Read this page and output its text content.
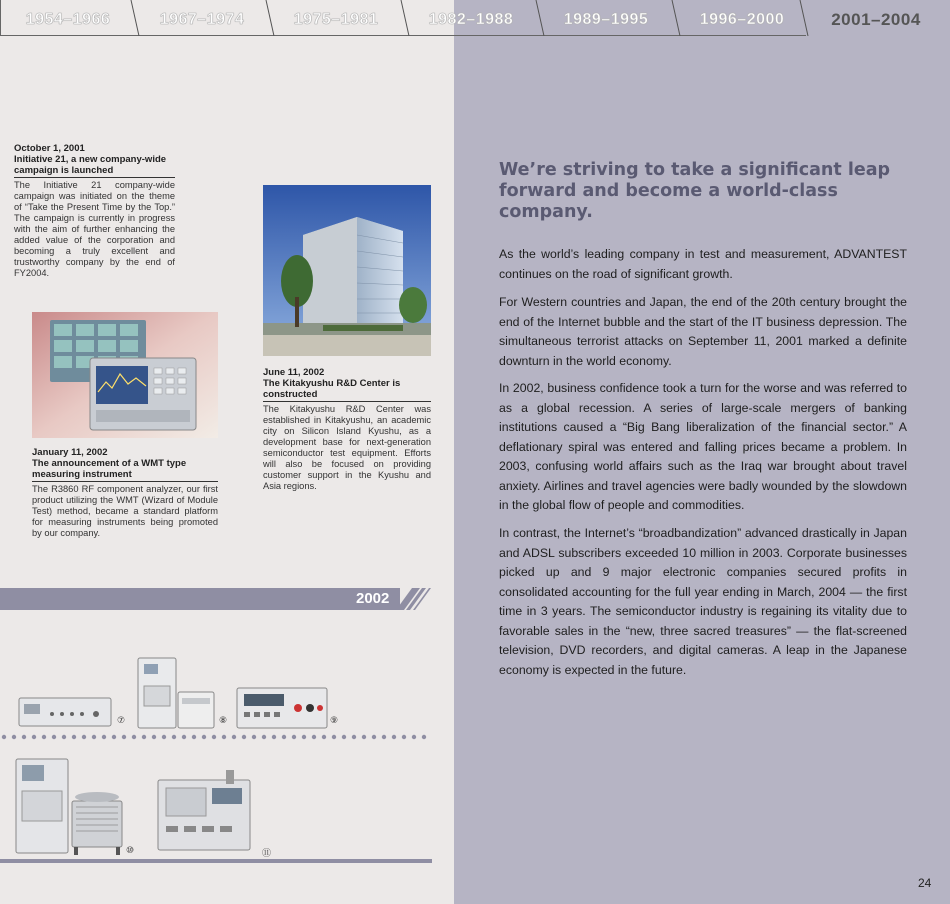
1954–1966	1967–1974	1975–1981	1982–1988	1989–1995	1996–2000	2001–2004
October 1, 2001
Initiative 21, a new company-wide campaign is launched
The Initiative 21 company-wide campaign was initiated on the theme of “Take the Present Time by the Top.” The campaign is currently in progress with the aim of further enhancing the added value of the corporation and becoming a truly excellent and trustworthy company by the end of FY2004.
January 11, 2002
The announcement of a WMT type measuring instrument
The R3860 RF component analyzer, our first product utilizing the WMT (Wizard of Module Test) method, became a standard platform for measuring instruments being promoted by our company.
June 11, 2002
The Kitakyushu R&D Center is constructed
The Kitakyushu R&D Center was established in Kitakyushu, an academic city on Silicon Island Kyushu, as a development base for next-generation semiconductor test equipment. Efforts will also be focused on providing customer support in the Kyushu and Asia regions.
2002
⑦	⑧	⑨
⑩	⑪
We’re striving to take a significant leap forward and become a world-class company.
As the world’s leading company in test and measurement, ADVANTEST continues on the road of significant growth.
For Western countries and Japan, the end of the 20th century brought the end of the Internet bubble and the start of the IT business depression. The simultaneous terrorist attacks on September 11, 2001 marked a definite downturn in the world economy.
In 2002, business confidence took a turn for the worse and was referred to as a global recession. A series of large-scale mergers of banking institutions caused a “Big Bang liberalization of the financial sector.” A deflationary spiral was entered and falling prices became a problem. In 2003, confusing world affairs such as the Iraq war brought about travel anxiety. Airlines and travel agencies were badly wounded by the slowdown in the global flow of people and commodities.
In contrast, the Internet’s “broadbandization” advanced drastically in Japan and ADSL subscribers exceeded 10 million in 2003. Corporate businesses picked up and 9 major electronic companies secured profits in consolidated accounting for the full year ending in March, 2004 — the first time in 3 years. The semiconductor industry is regaining its vitality due to favorable sales in the “new, three sacred treasures” — the flat-screened television, DVD recorders, and digital cameras. A leap in the Japanese economy is expected in the future.
24
